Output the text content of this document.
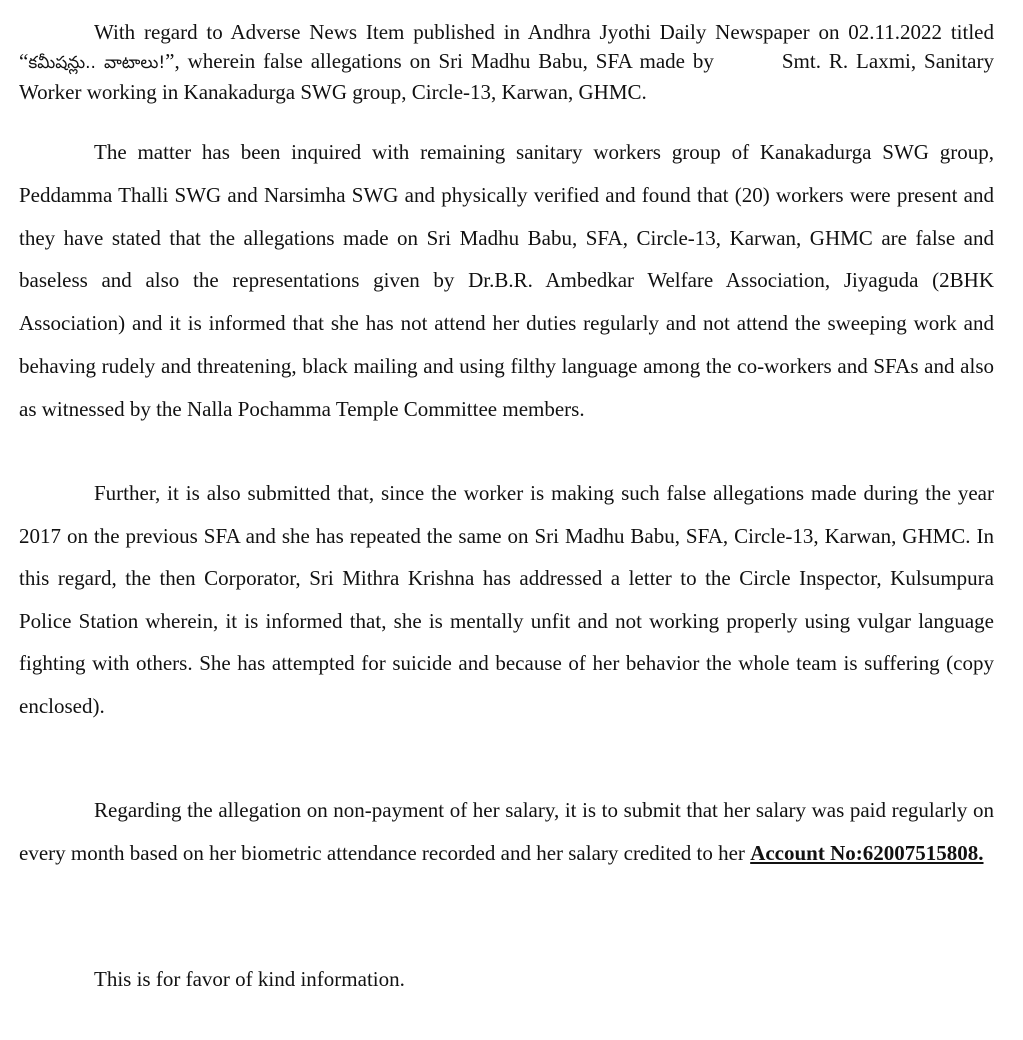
With regard to Adverse News Item published in Andhra Jyothi Daily Newspaper on 02.11.2022 titled “కమీషన్లు.. వాటాలు!”, wherein false allegations on Sri Madhu Babu, SFA made by	Smt. R. Laxmi, Sanitary Worker working in Kanakadurga SWG group, Circle-13, Karwan, GHMC.

The matter has been inquired with remaining sanitary workers group of Kanakadurga SWG group, Peddamma Thalli SWG and Narsimha SWG and physically verified and found that (20) workers were present and they have stated that the allegations made on Sri Madhu Babu, SFA, Circle-13, Karwan, GHMC are false and baseless and also the representations given by Dr.B.R. Ambedkar Welfare Association, Jiyaguda (2BHK Association) and it is informed that she has not attend her duties regularly and not attend the sweeping work and behaving rudely and threatening, black mailing and using filthy language among the co-workers and SFAs and also as witnessed by the Nalla Pochamma Temple Committee members.

Further, it is also submitted that, since the worker is making such false allegations made during the year 2017 on the previous SFA and she has repeated the same on Sri Madhu Babu, SFA, Circle-13, Karwan, GHMC. In this regard, the then Corporator, Sri Mithra Krishna has addressed a letter to the Circle Inspector, Kulsumpura Police Station wherein, it is informed that, she is mentally unfit and not working properly using vulgar language fighting with others. She has attempted for suicide and because of her behavior the whole team is suffering (copy enclosed).

Regarding the allegation on non-payment of her salary, it is to submit that her salary was paid regularly on every month based on her biometric attendance recorded and her salary credited to her Account No:62007515808.

This is for favor of kind information.
